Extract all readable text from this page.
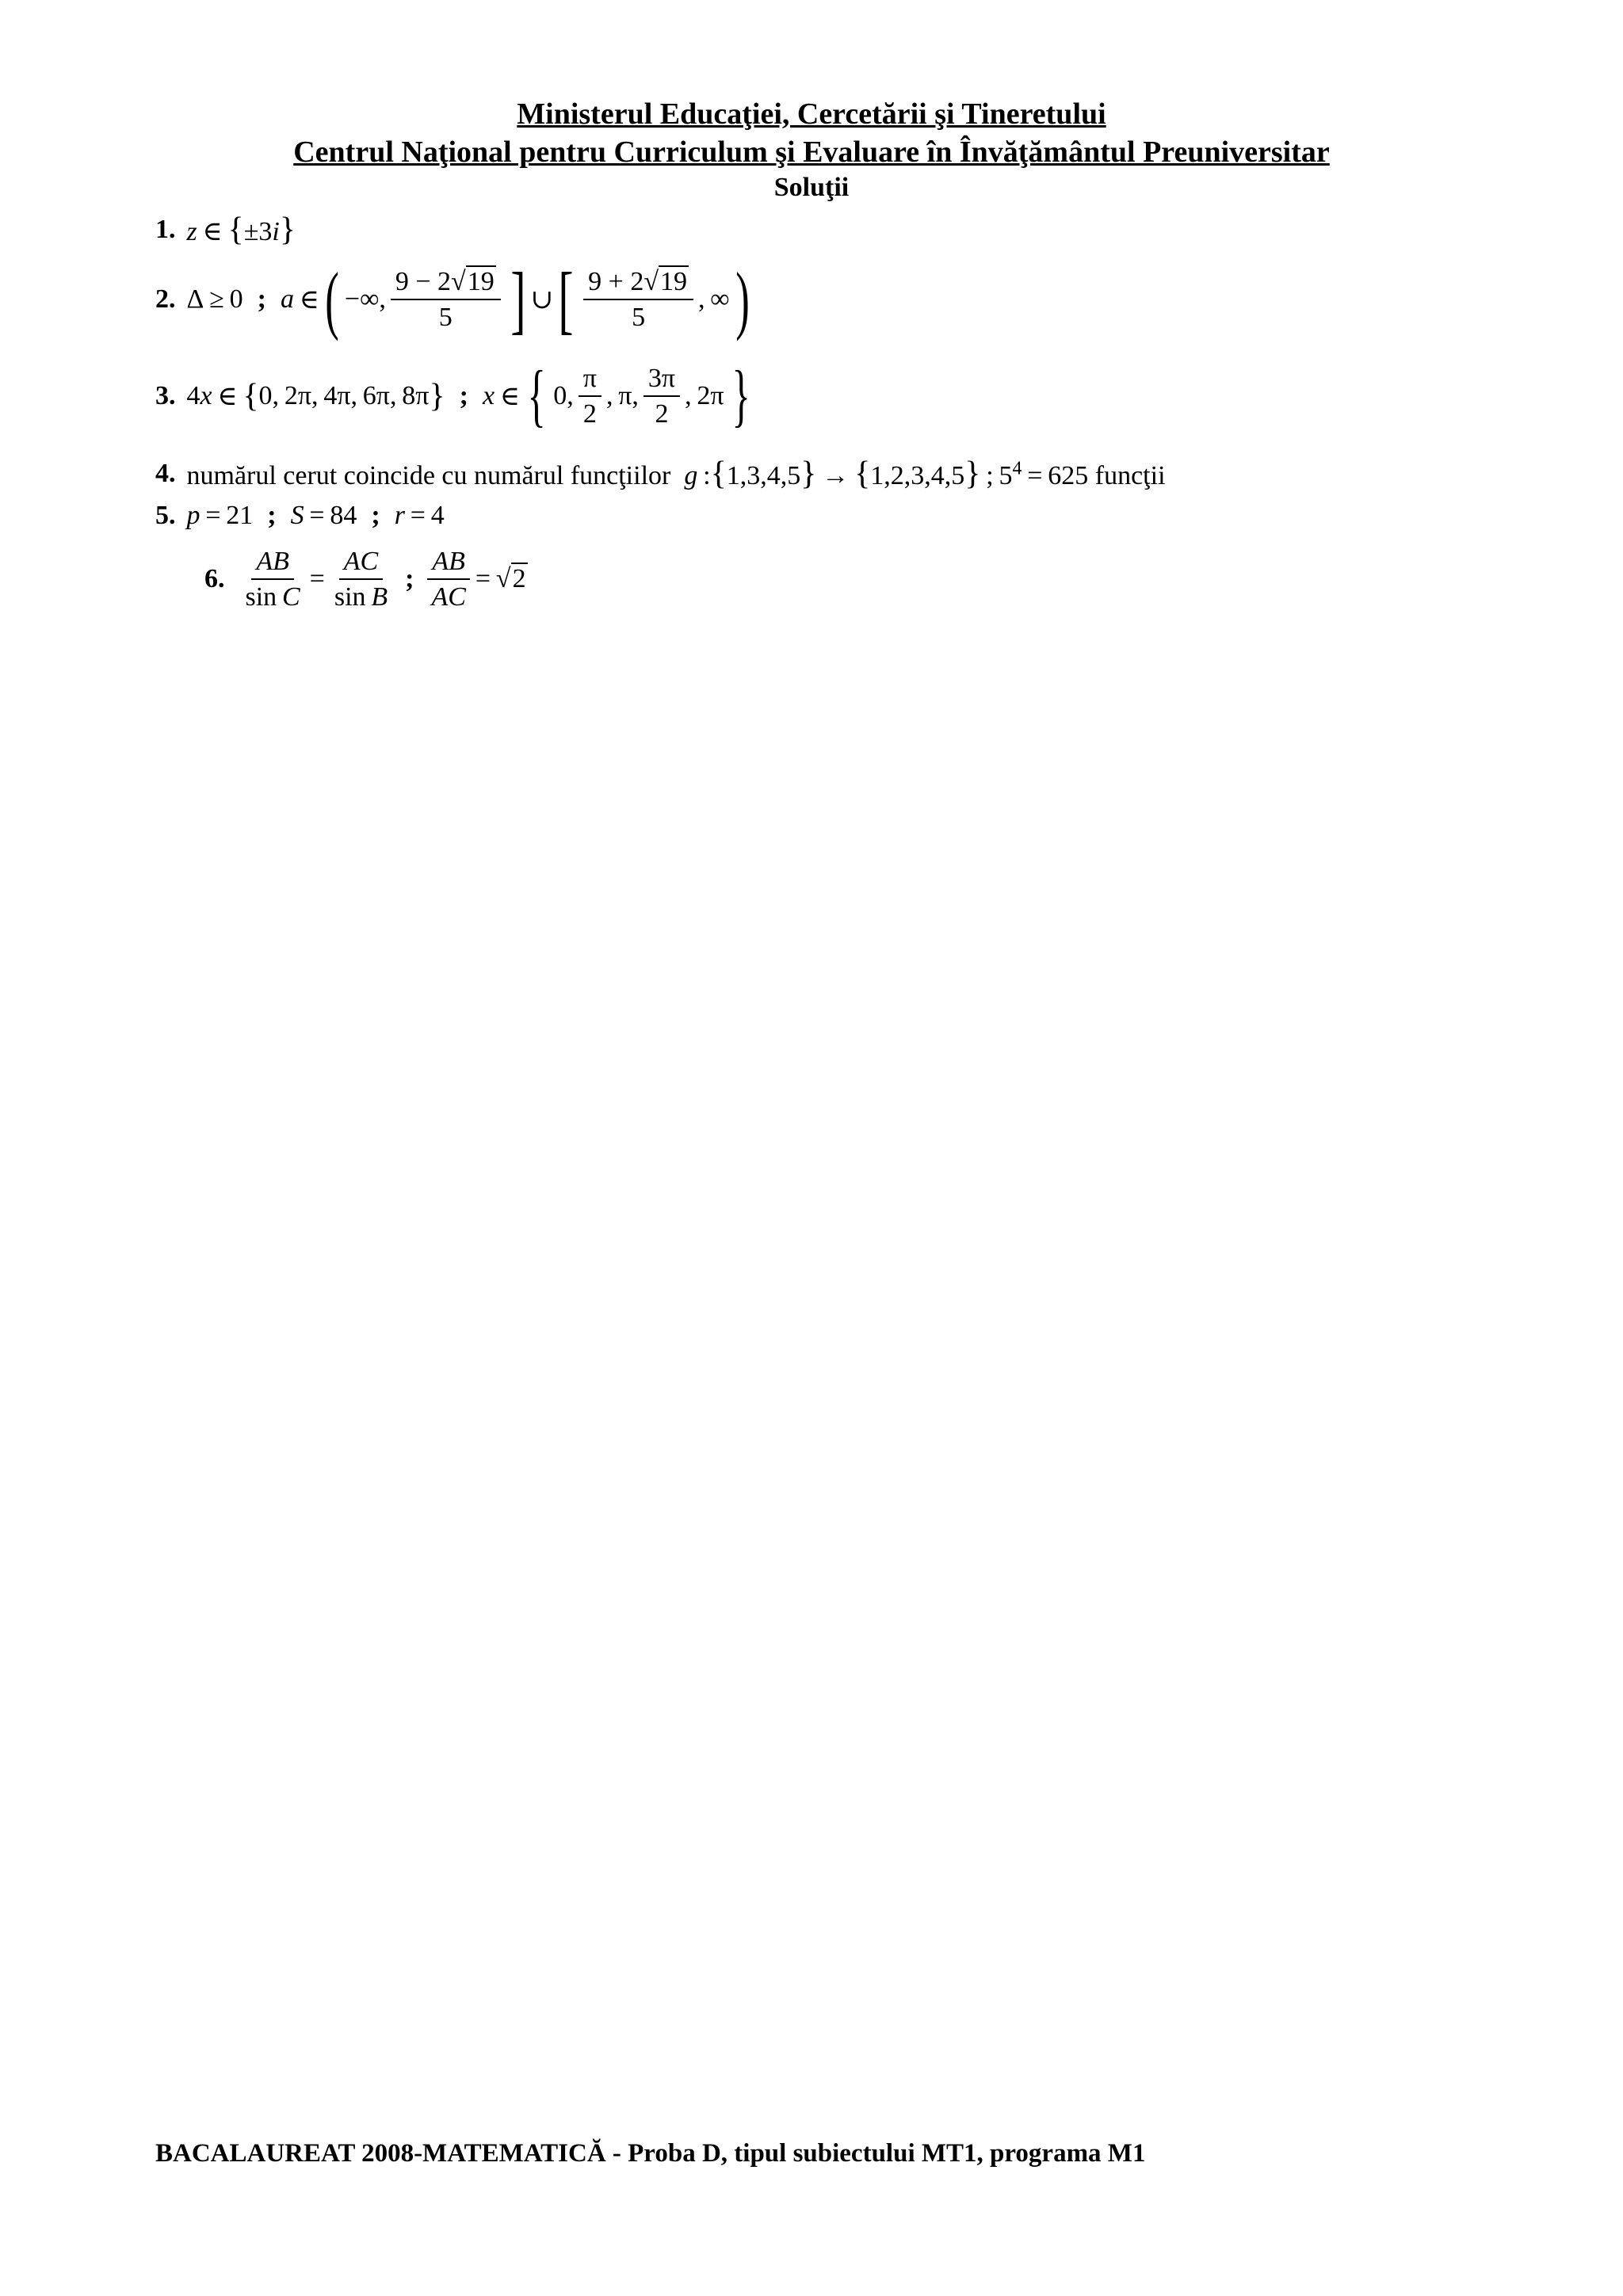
Ministerul Educaţiei, Cercetării şi Tineretului
Centrul Naţional pentru Curriculum şi Evaluare în Învăţământul Preuniversitar
Soluţii
1. z ∈ {±3i}
2. Δ ≥ 0 ; a  ∈ ( −∞, $\frac{9 - 2√19}{5}$ ] ∪ [ $\frac{9 + 2√19}{5}$ , ∞ )
3. 4 x  ∈  { 0, 2π, 4π, 6π, 8π } ; x  ∈ { 0, $\frac{\pi}{2}$ , π, $\frac{3\pi}{2}$ , 2π }
4. numărul cerut coincide cu numărul funcţiilor  g :{1,3,4,5} → {1,2,3,4,5} ; $5^4 = 625$ funcţii
5. p = 21 ; S = 84 ; r = 4
6. $\frac{AB}{\text{sin C}} = \frac{AC}{\text{sin B}}$ ; $\frac{AB}{AC} = √2$
BACALAUREAT 2008-MATEMATICĂ - Proba D, tipul subiectului MT1, programa M1
